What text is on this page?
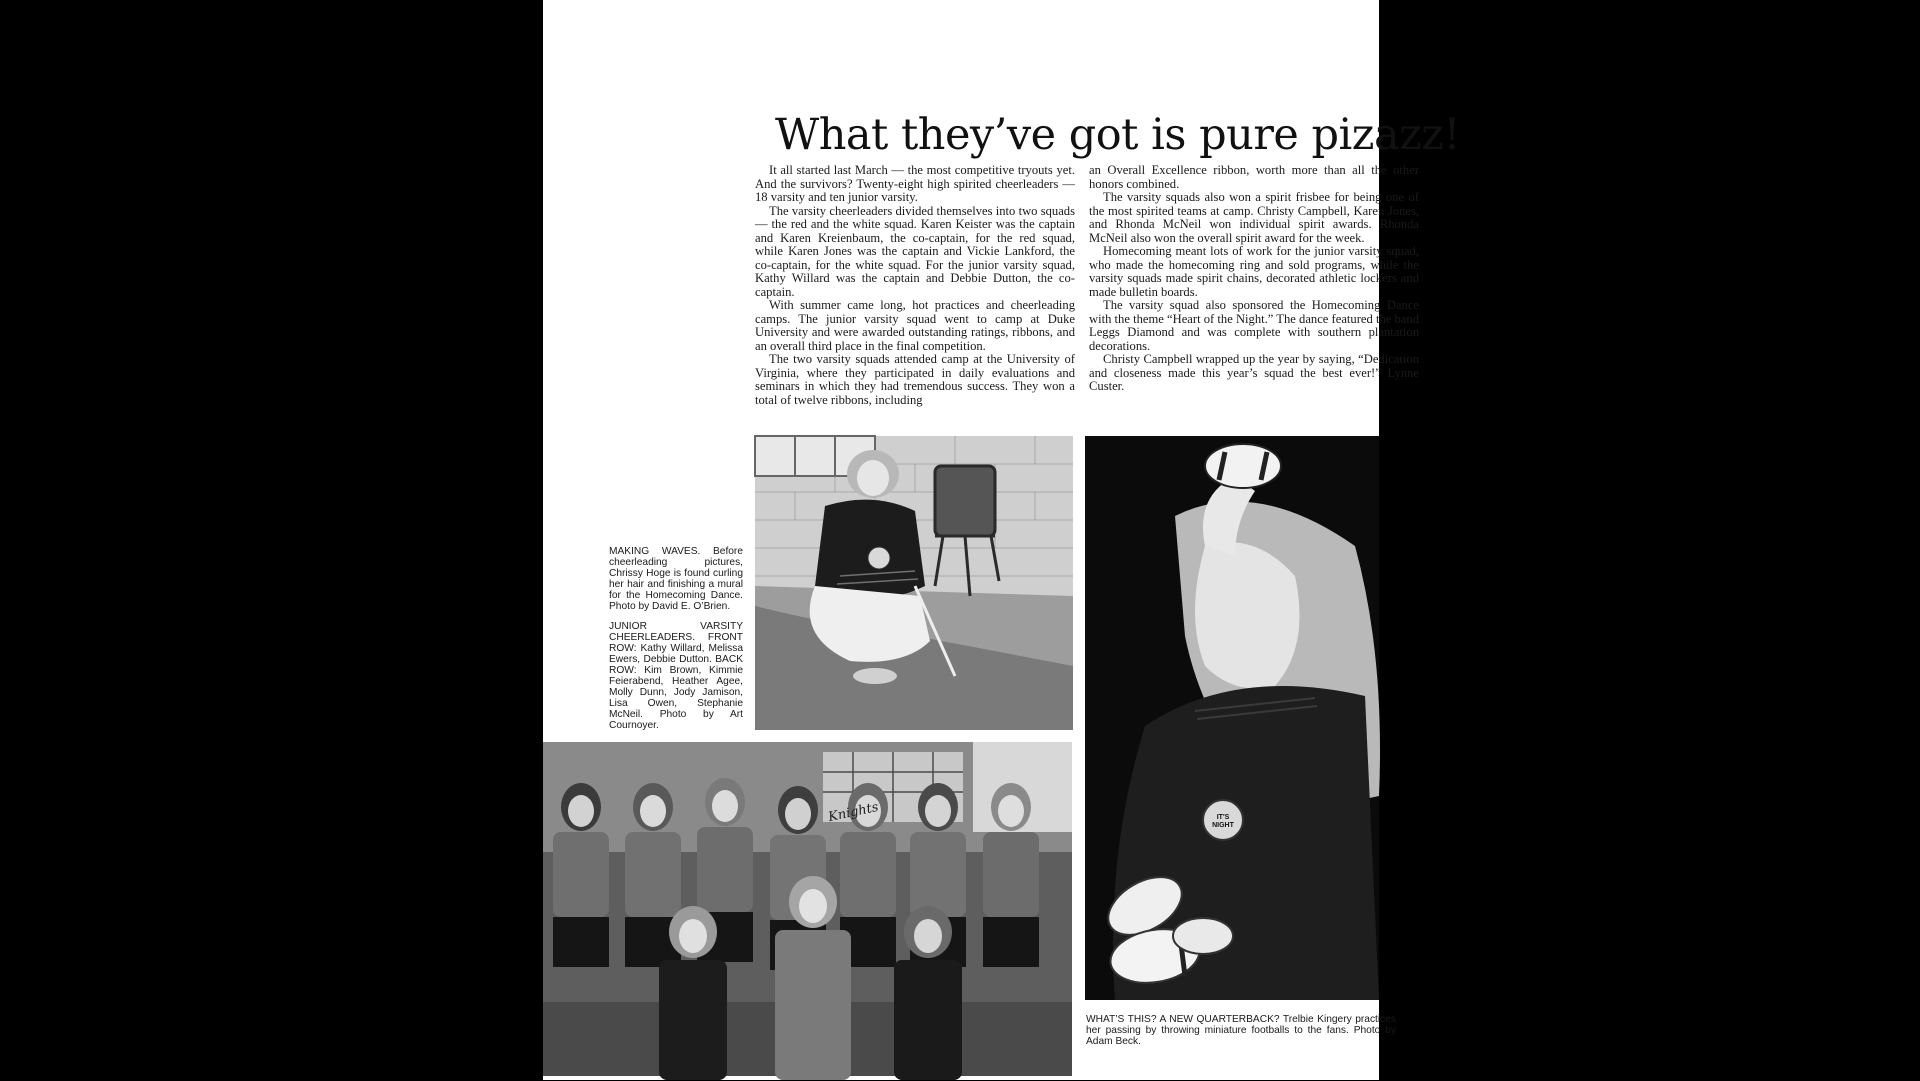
What they’ve got is pure pizazz!

It all started last March — the most competitive tryouts yet. And the survivors? Twenty-eight high spirited cheerleaders — 18 varsity and ten junior varsity.

The varsity cheerleaders divided themselves into two squads — the red and the white squad. Karen Keister was the captain and Karen Kreienbaum, the co-captain, for the red squad, while Karen Jones was the captain and Vickie Lankford, the co-captain, for the white squad. For the junior varsity squad, Kathy Willard was the captain and Debbie Dutton, the co-captain.

With summer came long, hot practices and cheerleading camps. The junior varsity squad went to camp at Duke University and were awarded outstanding ratings, ribbons, and an overall third place in the final competition.

The two varsity squads attended camp at the University of Virginia, where they participated in daily evaluations and seminars in which they had tremendous success. They won a total of twelve ribbons, including

an Overall Excellence ribbon, worth more than all the other honors combined.

The varsity squads also won a spirit frisbee for being one of the most spirited teams at camp. Christy Campbell, Karen Jones, and Rhonda McNeil won individual spirit awards. Rhonda McNeil also won the overall spirit award for the week.

Homecoming meant lots of work for the junior varsity squad, who made the homecoming ring and sold programs, while the varsity squads made spirit chains, decorated athletic lockers and made bulletin boards.

The varsity squad also sponsored the Homecoming Dance with the theme “Heart of the Night.” The dance featured the band Leggs Diamond and was complete with southern plantation decorations.

Christy Campbell wrapped up the year by saying, “Dedication and closeness made this year’s squad the best ever!” Lynne Custer.

MAKING WAVES. Before cheerleading pictures, Chrissy Hoge is found curling her hair and finishing a mural for the Homecoming Dance. Photo by David E. O’Brien.

JUNIOR VARSITY CHEERLEADERS. FRONT ROW: Kathy Willard, Melissa Ewers, Debbie Dutton. BACK ROW: Kim Brown, Kimmie Feierabend, Heather Agee, Molly Dunn, Jody Jamison, Lisa Owen, Stephanie McNeil. Photo by Art Cournoyer.

WHAT’S THIS? A NEW QUARTERBACK? Trelbie Kingery practices her passing by throwing miniature footballs to the fans. Photo by Adam Beck.

Knights	IT'S NIGHT
